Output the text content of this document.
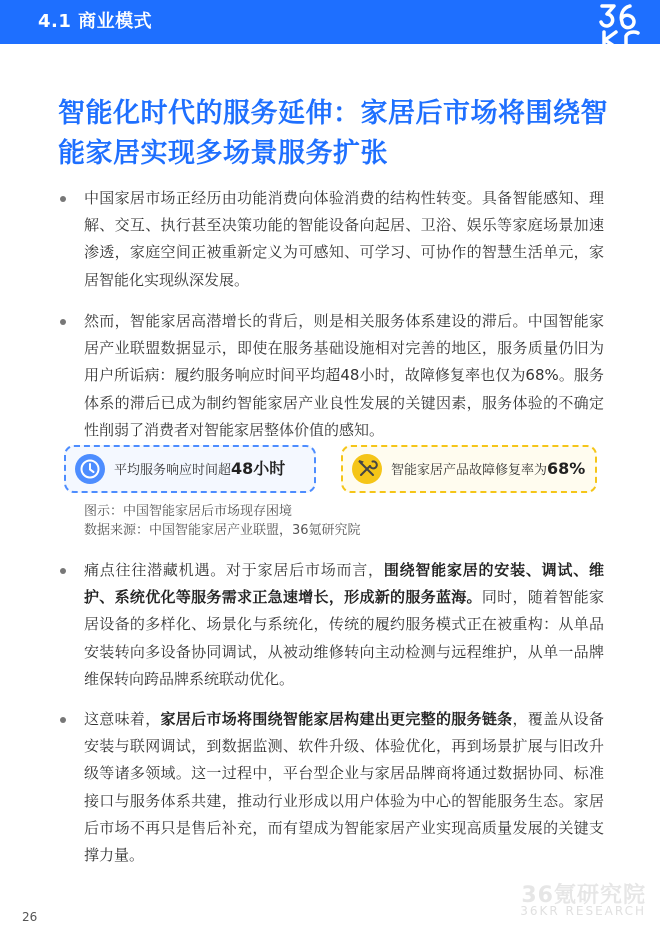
4.1 商业模式
智能化时代的服务延伸：家居后市场将围绕智能家居实现多场景服务扩张
中国家居市场正经历由功能消费向体验消费的结构性转变。具备智能感知、理解、交互、执行甚至决策功能的智能设备向起居、卫浴、娱乐等家庭场景加速渗透，家庭空间正被重新定义为可感知、可学习、可协作的智慧生活单元，家居智能化实现纵深发展。
然而，智能家居高潜增长的背后，则是相关服务体系建设的滞后。中国智能家居产业联盟数据显示，即使在服务基础设施相对完善的地区，服务质量仍旧为用户所诟病：履约服务响应时间平均超48小时，故障修复率也仅为68%。服务体系的滞后已成为制约智能家居产业良性发展的关键因素，服务体验的不确定性削弱了消费者对智能家居整体价值的感知。
平均服务响应时间超48小时	智能家居产品故障修复率为68%
图示：中国智能家居后市场现存困境
数据来源：中国智能家居产业联盟，36氪研究院
痛点往往潜藏机遇。对于家居后市场而言，围绕智能家居的安装、调试、维护、系统优化等服务需求正急速增长，形成新的服务蓝海。同时，随着智能家居设备的多样化、场景化与系统化，传统的履约服务模式正在被重构：从单品安装转向多设备协同调试，从被动维修转向主动检测与远程维护，从单一品牌维保转向跨品牌系统联动优化。
这意味着，家居后市场将围绕智能家居构建出更完整的服务链条，覆盖从设备安装与联网调试，到数据监测、软件升级、体验优化，再到场景扩展与旧改升级等诸多领域。这一过程中，平台型企业与家居品牌商将通过数据协同、标准接口与服务体系共建，推动行业形成以用户体验为中心的智能服务生态。家居后市场不再只是售后补充，而有望成为智能家居产业实现高质量发展的关键支撑力量。
36氪研究院
36KR RESEARCH
26
